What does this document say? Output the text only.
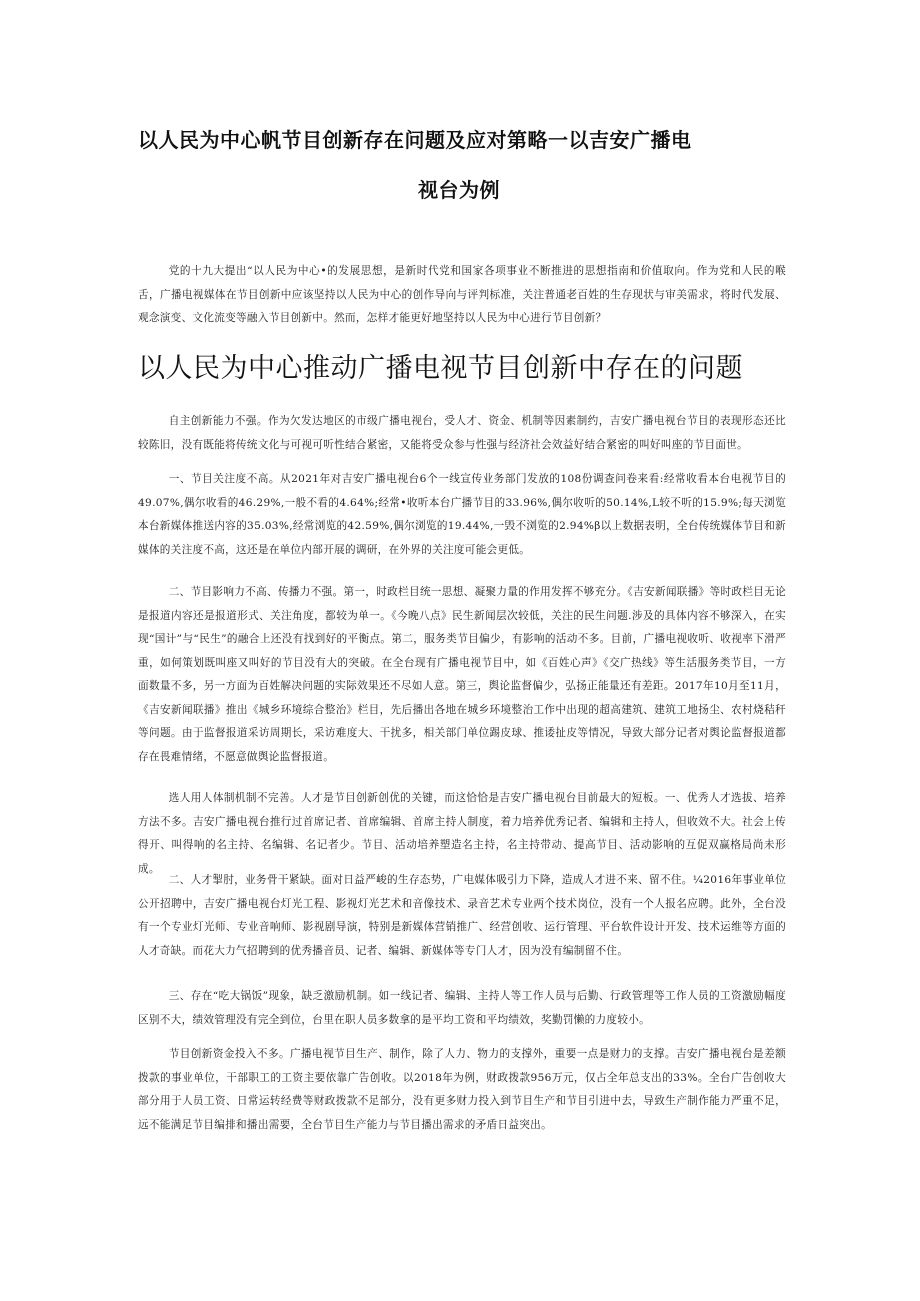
以人民为中心帆节目创新存在问题及应对第略一以吉安广播电
视台为例

党的十九大提出“以人民为中心•的发展思想，是新时代党和国家各项事业不断推进的思想指南和价值取向。作为党和人民的喉舌，广播电视媒体在节目创新中应该坚持以人民为中心的创作导向与评判标准，关注普通老百姓的生存现状与审美需求，将时代发展、观念演变、文化流变等融入节目创新中。然而，怎样才能更好地坚持以人民为中心进行节目创新？

以人民为中心推动广播电视节目创新中存在的问题

自主创新能力不强。作为欠发达地区的市级广播电视台，受人才、资金、机制等因素制约，吉安广播电视台节目的表现形态还比较陈旧，没有既能将传统文化与可视可听性结合紧密，又能将受众参与性强与经济社会效益好结合紧密的叫好叫座的节目面世。

一、节目关注度不高。从2021年对吉安广播电视台6个一线宣传业务部门发放的108份调查问卷来看:经常收看本台电视节目的49.07%,偶尔收看的46.29%,一般不看的4.64%;经常•收听本台广播节目的33.96%,偶尔收听的50.14%,L较不听的15.9%;每天浏览本台新媒体推送内容的35.03%,经常浏览的42.59%,偶尔浏览的19.44%,一毁不浏览的2.94%β以上数据表明，全台传统媒体节目和新媒体的关注度不高，这还是在单位内部开展的调研，在外界的关注度可能会更低。

二、节目影响力不高、传播力不强。第一，时政栏目统一思想、凝聚力量的作用发挥不够充分。《吉安新闻联播》等时政栏目无论是报道内容还是报道形式、关注角度，都较为单一。《今晚八点》民生新闻层次较低，关注的民生问题.涉及的具体内容不够深入，在实现“国计”与“民生”的融合上还没有找到好的平衡点。第二，服务类节目偏少，有影响的活动不多。目前，广播电视收听、收视率下滑严重，如何策划既叫座又叫好的节目没有大的突破。在全台现有广播电视节目中，如《百姓心声》《交广热线》等生活服务类节目，一方面数量不多，另一方面为百姓解决问题的实际效果还不尽如人意。第三，舆论监督偏少，弘扬正能量还有差距。2017年10月至11月，《吉安新闻联播》推出《城乡环境综合整治》栏目，先后播出各地在城乡环境整治工作中出现的超高建筑、建筑工地扬尘、农村烧秸秆等问题。由于监督报道采访周期长，采访难度大、干扰多，相关部门单位踢皮球、推诿扯皮等情况，导致大部分记者对舆论监督报道都存在畏难情绪，不愿意做舆论监督报道。

选人用人体制机制不完善。人才是节目创新创优的关键，而这恰恰是吉安广播电视台目前最大的短板。一、优秀人才选拔、培养方法不多。吉安广播电视台推行过首席记者、首席编辑、首席主持人制度，着力培养优秀记者、编辑和主持人，但收效不大。社会上传得开、叫得响的名主持、名编辑、名记者少。节目、活动培养塑造名主持，名主持带动、提高节目、活动影响的互促双赢格局尚未形成。

二、人才掣肘，业务骨干紧缺。面对日益严峻的生存态势，广电媒体吸引力下降，造成人才进不来、留不住。¼2016年事业单位公开招聘中，吉安广播电视台灯光工程、影视灯光艺术和音像技术、录音艺术专业两个技术岗位，没有一个人报名应聘。此外，全台没有一个专业灯光师、专业音响师、影视剧导演，特别是新媒体营销推广、经营创收、运行管理、平台软件设计开发、技术运维等方面的人才奇缺。而花大力气招聘到的优秀播音员、记者、编辑、新媒体等专门人才，因为没有编制留不住。

三、存在“吃大锅饭”现象，缺乏激励机制。如一线记者、编辑、主持人等工作人员与后勤、行政管理等工作人员的工资激励幅度区别不大，绩效管理没有完全到位，台里在职人员多数拿的是平均工资和平均绩效，奖勤罚懒的力度较小。

节目创新资金投入不多。广播电视节目生产、制作，除了人力、物力的支撑外，重要一点是财力的支撑。吉安广播电视台是差额拨款的事业单位，干部职工的工资主要依靠广告创收。以2018年为例，财政拨款956万元，仅占全年总支出的33%。全台广告创收大部分用于人员工资、日常运转经费等财政拨款不足部分，没有更多财力投入到节目生产和节目引进中去，导致生产制作能力严重不足，远不能满足节目编排和播出需要，全台节目生产能力与节目播出需求的矛盾日益突出。
